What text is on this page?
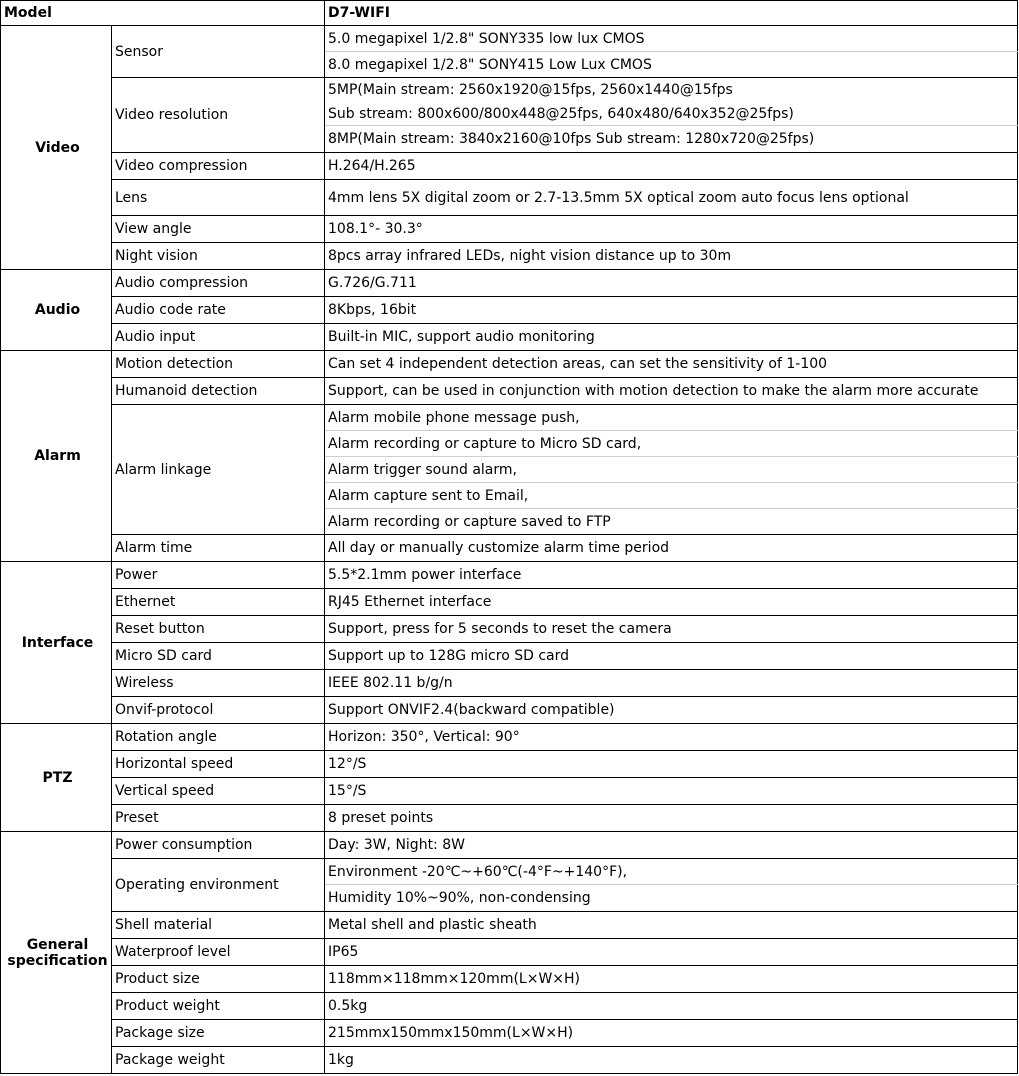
Model		D7-WIFI
Video	Sensor	5.0 megapixel 1/2.8" SONY335 low lux CMOS
		8.0 megapixel 1/2.8" SONY415 Low Lux CMOS
	Video resolution	5MP(Main stream: 2560x1920@15fps, 2560x1440@15fps
		Sub stream: 800x600/800x448@25fps, 640x480/640x352@25fps)
		8MP(Main stream: 3840x2160@10fps Sub stream: 1280x720@25fps)
	Video compression	H.264/H.265
	Lens	4mm lens 5X digital zoom or 2.7-13.5mm 5X optical zoom auto focus lens optional
	View angle	108.1°- 30.3°
	Night vision	8pcs array infrared LEDs, night vision distance up to 30m
Audio	Audio compression	G.726/G.711
	Audio code rate	8Kbps, 16bit
	Audio input	Built-in MIC, support audio monitoring
Alarm	Motion detection	Can set 4 independent detection areas, can set the sensitivity of 1-100
	Humanoid detection	Support, can be used in conjunction with motion detection to make the alarm more accurate
	Alarm linkage	Alarm mobile phone message push,
		Alarm recording or capture to Micro SD card,
		Alarm trigger sound alarm,
		Alarm capture sent to Email,
		Alarm recording or capture saved to FTP
	Alarm time	All day or manually customize alarm time period
Interface	Power	5.5*2.1mm power interface
	Ethernet	RJ45 Ethernet interface
	Reset button	Support, press for 5 seconds to reset the camera
	Micro SD card	Support up to 128G micro SD card
	Wireless	IEEE 802.11 b/g/n
	Onvif-protocol	Support ONVIF2.4(backward compatible)
PTZ	Rotation angle	Horizon: 350°, Vertical: 90°
	Horizontal speed	12°/S
	Vertical speed	15°/S
	Preset	8 preset points

General
specification	Power consumption	Day: 3W, Night: 8W
	Operating environment	Environment -20℃~+60℃(-4°F~+140°F),
		Humidity 10%~90%, non-condensing
	Shell material	Metal shell and plastic sheath
	Waterproof level	IP65
	Product size	118mm×118mm×120mm(L×W×H)
	Product weight	0.5kg
	Package size	215mmx150mmx150mm(L×W×H)
	Package weight	1kg
